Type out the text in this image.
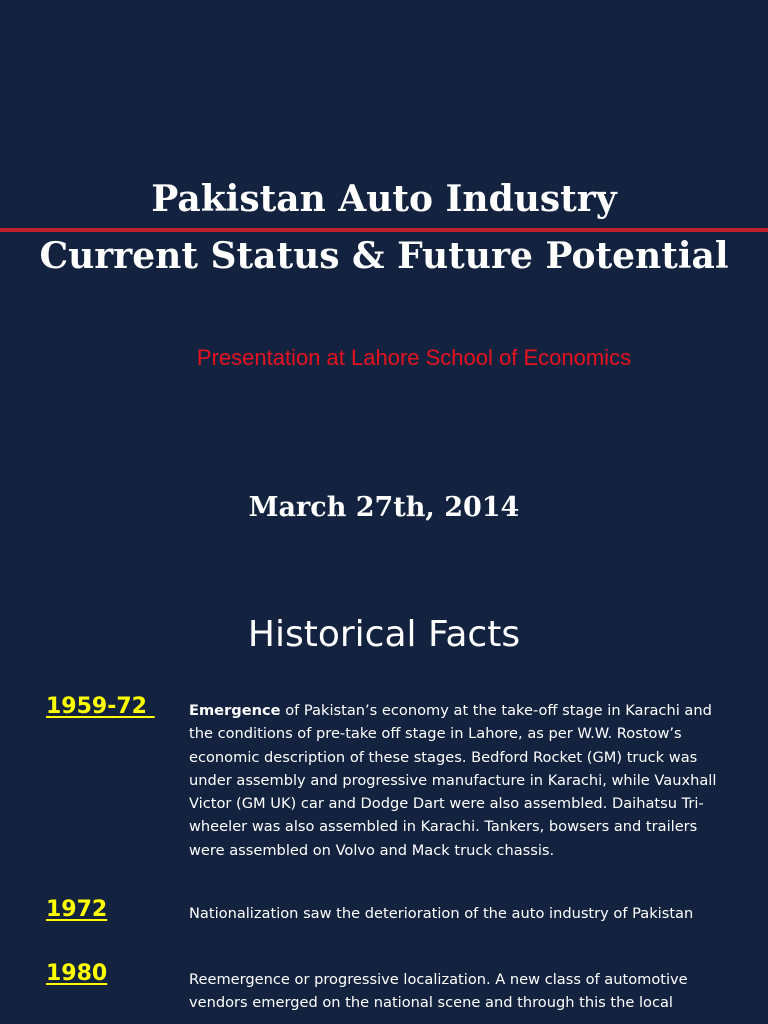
Pakistan Auto Industry
Current Status & Future Potential
Presentation at Lahore School of Economics
March 27th, 2014
Historical Facts
1959-72 Emergence of Pakistan’s economy at the take-off stage in Karachi and the conditions of pre-take off stage in Lahore, as per W.W. Rostow’s economic description of these stages. Bedford Rocket (GM) truck was under assembly and progressive manufacture in Karachi, while Vauxhall Victor (GM UK) car and Dodge Dart were also assembled. Daihatsu Tri-wheeler was also assembled in Karachi. Tankers, bowsers and trailers were assembled on Volvo and Mack truck chassis.
1972	Nationalization saw the deterioration of the auto industry of Pakistan
1980	Reemergence or progressive localization. A new class of automotive vendors emerged on the national scene and through this the local
